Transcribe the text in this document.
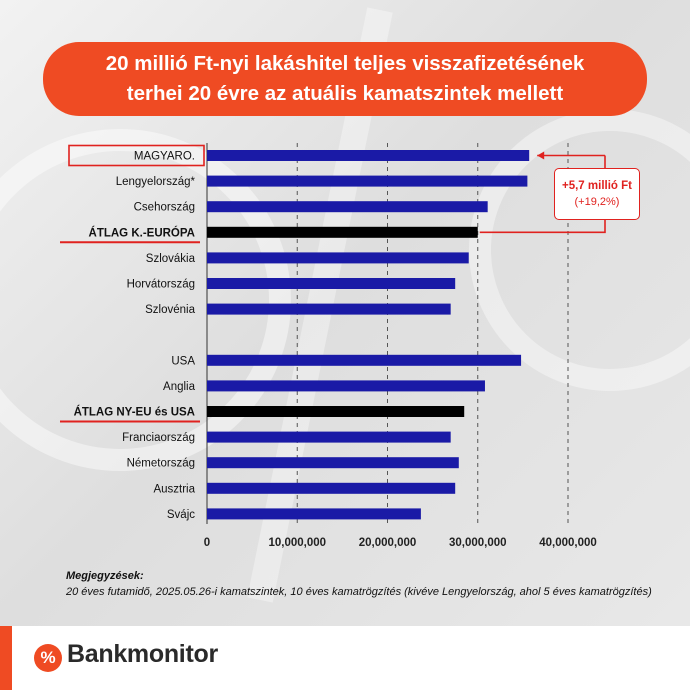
20 millió Ft-nyi lakáshitel teljes visszafizetésének
terhei 20 évre az atuális kamatszintek mellett
0	10,000,000	20,000,000	30,000,000	40,000,000
MAGYARO.
Lengyelország*
Csehország
ÁTLAG K.-EURÓPA
Szlovákia
Horvátország
Szlovénia
USA
Anglia
ÁTLAG NY-EU és USA
Franciaország
Németország
Ausztria
Svájc
+5,7 millió Ft
(+19,2%)
Megjegyzések:
20 éves futamidő, 2025.05.26-i kamatszintek, 10 éves kamatrögzítés (kivéve Lengyelország, ahol 5 éves kamatrögzítés)
% Bankmonitor
